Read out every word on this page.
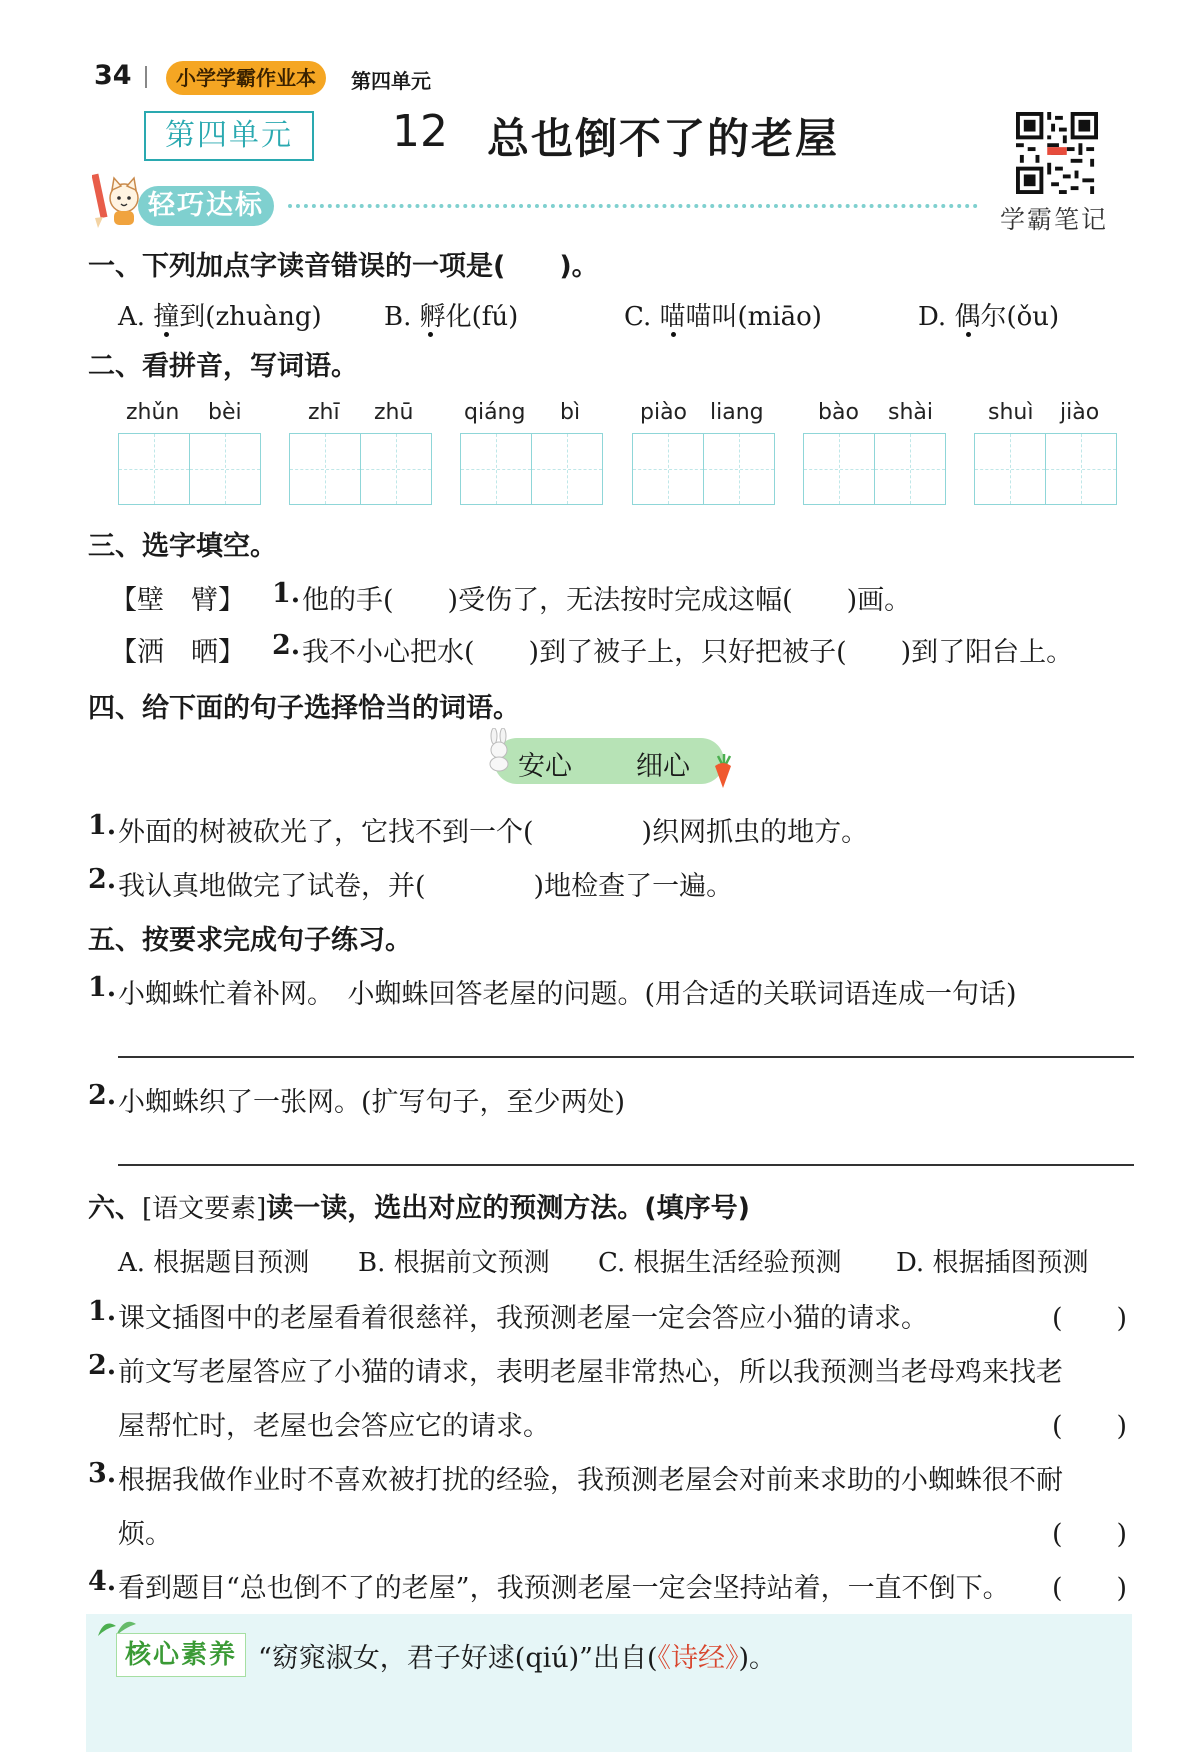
34	小学学霸作业本	第四单元
第四单元	12 总也倒不了的老屋
学霸笔记
轻巧达标
一、下列加点字读音错误的一项是(　　)。
A. 撞到(zhuàng) B. 孵化(fú)	C. 喵喵叫(miāo)	D. 偶尔(ǒu)
二、看拼音，写词语。
zhǔn bèi	zhī zhū qiáng bì	piào liang bào shài	shuì jiào
三、选字填空。
【壁　臂】 1. 他的手(　　)受伤了，无法按时完成这幅(　　)画。
【洒　晒】 2. 我不小心把水(　　)到了被子上，只好把被子(　　)到了阳台上。
四、给下面的句子选择恰当的词语。
安心 细心
1. 外面的树被砍光了，它找不到一个(　　　　)织网抓虫的地方。
2. 我认真地做完了试卷，并(　　　　)地检查了一遍。
五、按要求完成句子练习。
1. 小蜘蛛忙着补网。　小蜘蛛回答老屋的问题。(用合适的关联词语连成一句话)
2. 小蜘蛛织了一张网。(扩写句子，至少两处)
六、[语文要素]读一读，选出对应的预测方法。(填序号)
A. 根据题目预测 B. 根据前文预测 C. 根据生活经验预测 D. 根据插图预测
1. 课文插图中的老屋看着很慈祥，我预测老屋一定会答应小猫的请求。	(　　)
2. 前文写老屋答应了小猫的请求，表明老屋非常热心，所以我预测当老母鸡来找老
屋帮忙时，老屋也会答应它的请求。	(　　)
3. 根据我做作业时不喜欢被打扰的经验，我预测老屋会对前来求助的小蜘蛛很不耐
烦。	(　　)
4. 看到题目“总也倒不了的老屋”，我预测老屋一定会坚持站着，一直不倒下。 (　　)
核心素养 “窈窕淑女，君子好逑(qiú)”出自(《诗经》)。
